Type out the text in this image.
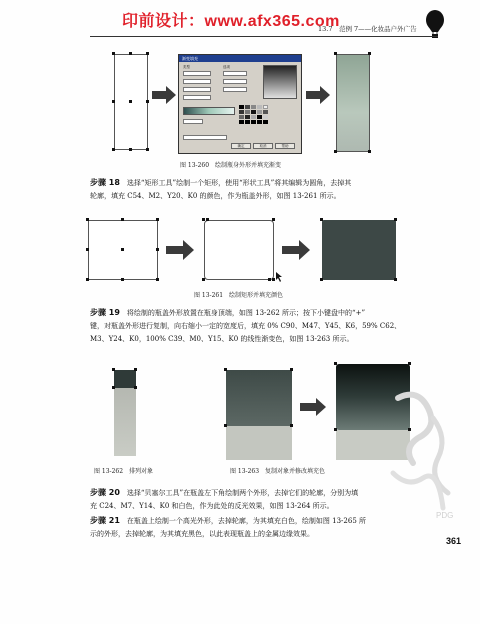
印前设计：www.afx365.com
13.7　范例 7——化妆品户外广告
渐变填充
类型	选项
确定	取消	帮助
图 13-260　绘制瓶身外形并填充渐变
步骤 18　 选择“矩形工具”绘制一个矩形，使用“形状工具”将其编辑为圆角，去掉其
轮廓，填充 C54、M2、Y20、K0 的颜色，作为瓶盖外形，如图 13-261 所示。
图 13-261　绘制矩形并填充颜色
步骤 19　 将绘制的瓶盖外形放置在瓶身顶端，如图 13-262 所示；按下小键盘中的“+”
键，对瓶盖外形进行复制，向右缩小一定的宽度后，填充 0% C90、M47、Y45、K6，59% C62、
M3、Y24、K0，100% C39、M0、Y15、K0 的线性渐变色，如图 13-263 所示。
图 13-262　排列对象	图 13-263　复制对象并修改填充色
PDG
步骤 20　 选择“贝塞尔工具”在瓶盖左下角绘制两个外形，去掉它们的轮廓，分别为填
充 C24、M7、Y14、K0 和白色，作为此处的反光效果，如图 13-264 所示。
步骤 21　 在瓶盖上绘制一个高光外形，去掉轮廓，为其填充白色，绘制如图 13-265 所
示的外形，去掉轮廓，为其填充黑色，以此表现瓶盖上的金属边缘效果。
361
